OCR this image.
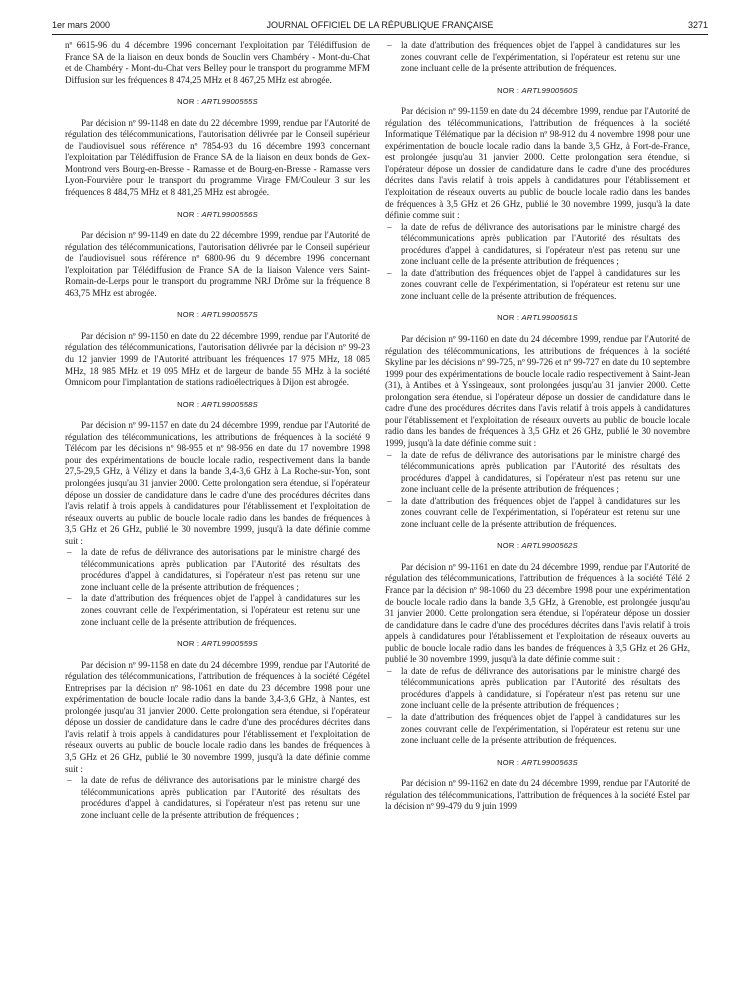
1er mars 2000	JOURNAL OFFICIEL DE LA RÉPUBLIQUE FRANÇAISE	3271

nº 6615-96 du 4 décembre 1996 concernant l'exploitation par Télédiffusion de France SA de la liaison en deux bonds de Souclin vers Chambéry - Mont-du-Chat et de Chambéry - Mont-du-Chat vers Belley pour le transport du programme MFM Diffusion sur les fréquences 8 474,25 MHz et 8 467,25 MHz est abrogée.

NOR : ARTL9900555S

Par décision nº 99-1148 en date du 22 décembre 1999, rendue par l'Autorité de régulation des télécommunications, l'autorisation délivrée par le Conseil supérieur de l'audiovisuel sous référence nº 7854-93 du 16 décembre 1993 concernant l'exploitation par Télédiffusion de France SA de la liaison en deux bonds de Gex-Montrond vers Bourg-en-Bresse - Ramasse et de Bourg-en-Bresse - Ramasse vers Lyon-Fourvière pour le transport du programme Virage FM/Couleur 3 sur les fréquences 8 484,75 MHz et 8 481,25 MHz est abrogée.

NOR : ARTL9900556S

Par décision nº 99-1149 en date du 22 décembre 1999, rendue par l'Autorité de régulation des télécommunications, l'autorisation délivrée par le Conseil supérieur de l'audiovisuel sous référence nº 6800-96 du 9 décembre 1996 concernant l'exploitation par Télédiffusion de France SA de la liaison Valence vers Saint-Romain-de-Lerps pour le transport du programme NRJ Drôme sur la fréquence 8 463,75 MHz est abrogée.

NOR : ARTL9900557S

Par décision nº 99-1150 en date du 22 décembre 1999, rendue par l'Autorité de régulation des télécommunications, l'autorisation délivrée par la décision nº 99-23 du 12 janvier 1999 de l'Autorité attribuant les fréquences 17 975 MHz, 18 085 MHz, 18 985 MHz et 19 095 MHz et de largeur de bande 55 MHz à la société Omnicom pour l'implantation de stations radioélectriques à Dijon est abrogée.

NOR : ARTL9900558S

Par décision nº 99-1157 en date du 24 décembre 1999, rendue par l'Autorité de régulation des télécommunications, les attributions de fréquences à la société 9 Télécom par les décisions nº 98-955 et nº 98-956 en date du 17 novembre 1998 pour des expérimentations de boucle locale radio, respectivement dans la bande 27,5-29,5 GHz, à Vélizy et dans la bande 3,4-3,6 GHz à La Roche-sur-Yon, sont prolongées jusqu'au 31 janvier 2000. Cette prolongation sera étendue, si l'opérateur dépose un dossier de candidature dans le cadre d'une des procédures décrites dans l'avis relatif à trois appels à candidatures pour l'établissement et l'exploitation de réseaux ouverts au public de boucle locale radio dans les bandes de fréquences à 3,5 GHz et 26 GHz, publié le 30 novembre 1999, jusqu'à la date définie comme suit :

– la date de refus de délivrance des autorisations par le ministre chargé des télécommunications après publication par l'Autorité des résultats des procédures d'appel à candidatures, si l'opérateur n'est pas retenu sur une zone incluant celle de la présente attribution de fréquences ;
– la date d'attribution des fréquences objet de l'appel à candidatures sur les zones couvrant celle de l'expérimentation, si l'opérateur est retenu sur une zone incluant celle de la présente attribution de fréquences.
NOR : ARTL9900559S

Par décision nº 99-1158 en date du 24 décembre 1999, rendue par l'Autorité de régulation des télécommunications, l'attribution de fréquences à la société Cégétel Entreprises par la décision nº 98-1061 en date du 23 décembre 1998 pour une expérimentation de boucle locale radio dans la bande 3,4-3,6 GHz, à Nantes, est prolongée jusqu'au 31 janvier 2000. Cette prolongation sera étendue, si l'opérateur dépose un dossier de candidature dans le cadre d'une des procédures décrites dans l'avis relatif à trois appels à candidatures pour l'établissement et l'exploitation de réseaux ouverts au public de boucle locale radio dans les bandes de fréquences à 3,5 GHz et 26 GHz, publié le 30 novembre 1999, jusqu'à la date définie comme suit :

– la date de refus de délivrance des autorisations par le ministre chargé des télécommunications après publication par l'Autorité des résultats des procédures d'appel à candidatures, si l'opérateur n'est pas retenu sur une zone incluant celle de la présente attribution de fréquences ;
– la date d'attribution des fréquences objet de l'appel à candidatures sur les zones couvrant celle de l'expérimentation, si l'opérateur est retenu sur une zone incluant celle de la présente attribution de fréquences.
NOR : ARTL9900560S

Par décision nº 99-1159 en date du 24 décembre 1999, rendue par l'Autorité de régulation des télécommunications, l'attribution de fréquences à la société Informatique Télématique par la décision nº 98-912 du 4 novembre 1998 pour une expérimentation de boucle locale radio dans la bande 3,5 GHz, à Fort-de-France, est prolongée jusqu'au 31 janvier 2000. Cette prolongation sera étendue, si l'opérateur dépose un dossier de candidature dans le cadre d'une des procédures décrites dans l'avis relatif à trois appels à candidatures pour l'établissement et l'exploitation de réseaux ouverts au public de boucle locale radio dans les bandes de fréquences à 3,5 GHz et 26 GHz, publié le 30 novembre 1999, jusqu'à la date définie comme suit :

– la date de refus de délivrance des autorisations par le ministre chargé des télécommunications après publication par l'Autorité des résultats des procédures d'appel à candidatures, si l'opérateur n'est pas retenu sur une zone incluant celle de la présente attribution de fréquences ;
– la date d'attribution des fréquences objet de l'appel à candidatures sur les zones couvrant celle de l'expérimentation, si l'opérateur est retenu sur une zone incluant celle de la présente attribution de fréquences.
NOR : ARTL9900561S

Par décision nº 99-1160 en date du 24 décembre 1999, rendue par l'Autorité de régulation des télécommunications, les attributions de fréquences à la société Skyline par les décisions nº 99-725, nº 99-726 et nº 99-727 en date du 10 septembre 1999 pour des expérimentations de boucle locale radio respectivement à Saint-Jean (31), à Antibes et à Yssingeaux, sont prolongées jusqu'au 31 janvier 2000. Cette prolongation sera étendue, si l'opérateur dépose un dossier de candidature dans le cadre d'une des procédures décrites dans l'avis relatif à trois appels à candidatures pour l'établissement et l'exploitation de réseaux ouverts au public de boucle locale radio dans les bandes de fréquences à 3,5 GHz et 26 GHz, publié le 30 novembre 1999, jusqu'à la date définie comme suit :

– la date de refus de délivrance des autorisations par le ministre chargé des télécommunications après publication par l'Autorité des résultats des procédures d'appel à candidatures, si l'opérateur n'est pas retenu sur une zone incluant celle de la présente attribution de fréquences ;
– la date d'attribution des fréquences objet de l'appel à candidatures sur les zones couvrant celle de l'expérimentation, si l'opérateur est retenu sur une zone incluant celle de la présente attribution de fréquences.
NOR : ARTL9900562S

Par décision nº 99-1161 en date du 24 décembre 1999, rendue par l'Autorité de régulation des télécommunications, l'attribution de fréquences à la société Télé 2 France par la décision nº 98-1060 du 23 décembre 1998 pour une expérimentation de boucle locale radio dans la bande 3,5 GHz, à Grenoble, est prolongée jusqu'au 31 janvier 2000. Cette prolongation sera étendue, si l'opérateur dépose un dossier de candidature dans le cadre d'une des procédures décrites dans l'avis relatif à trois appels à candidatures pour l'établissement et l'exploitation de réseaux ouverts au public de boucle locale radio dans les bandes de fréquences à 3,5 GHz et 26 GHz, publié le 30 novembre 1999, jusqu'à la date définie comme suit :

– la date de refus de délivrance des autorisations par le ministre chargé des télécommunications après publication par l'Autorité des résultats des procédures d'appels à candidature, si l'opérateur n'est pas retenu sur une zone incluant celle de la présente attribution de fréquences ;
– la date d'attribution des fréquences objet de l'appel à candidatures sur les zones couvrant celle de l'expérimentation, si l'opérateur est retenu sur une zone incluant celle de la présente attribution de fréquences.
NOR : ARTL9900563S

Par décision nº 99-1162 en date du 24 décembre 1999, rendue par l'Autorité de régulation des télécommunications, l'attribution de fréquences à la société Estel par la décision nº 99-479 du 9 juin 1999
